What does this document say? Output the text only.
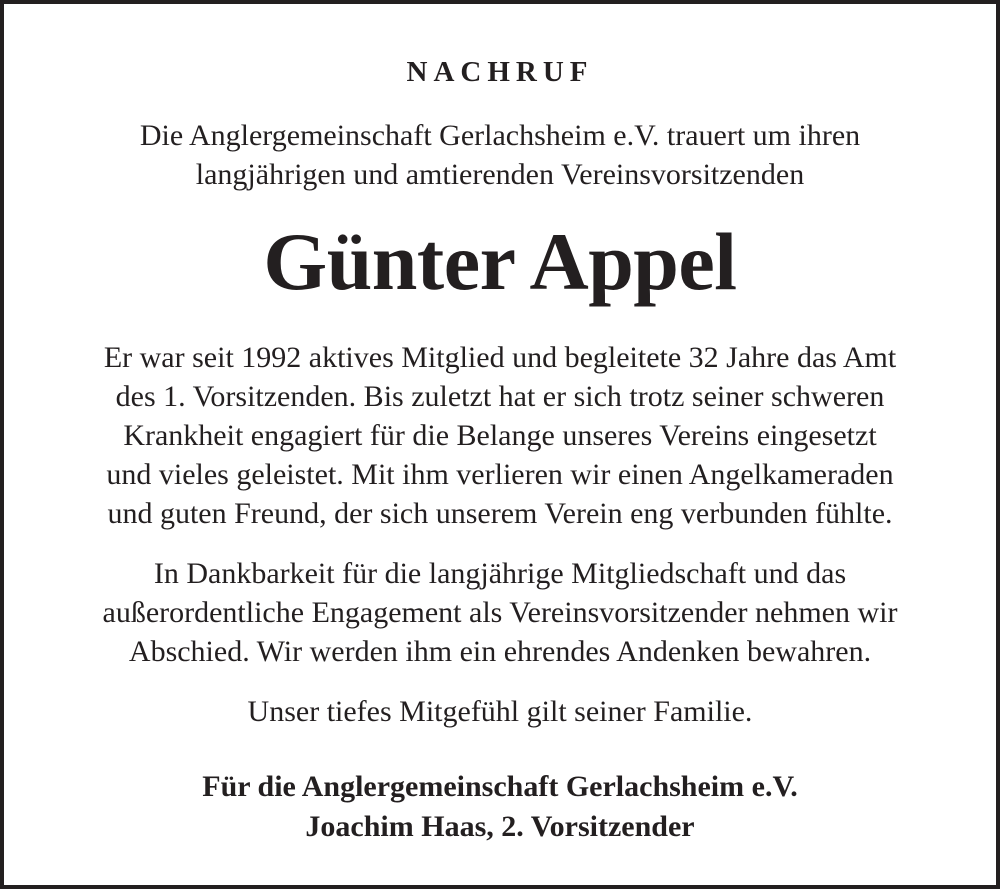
NACHRUF
Die Anglergemeinschaft Gerlachsheim e.V. trauert um ihren
langjährigen und amtierenden Vereinsvorsitzenden
Günter Appel
Er war seit 1992 aktives Mitglied und begleitete 32 Jahre das Amt
des 1. Vorsitzenden. Bis zuletzt hat er sich trotz seiner schweren
Krankheit engagiert für die Belange unseres Vereins eingesetzt
und vieles geleistet. Mit ihm verlieren wir einen Angelkameraden
und guten Freund, der sich unserem Verein eng verbunden fühlte.
In Dankbarkeit für die langjährige Mitgliedschaft und das
außerordentliche Engagement als Vereinsvorsitzender nehmen wir
Abschied. Wir werden ihm ein ehrendes Andenken bewahren.
Unser tiefes Mitgefühl gilt seiner Familie.
Für die Anglergemeinschaft Gerlachsheim e.V.
Joachim Haas, 2. Vorsitzender
